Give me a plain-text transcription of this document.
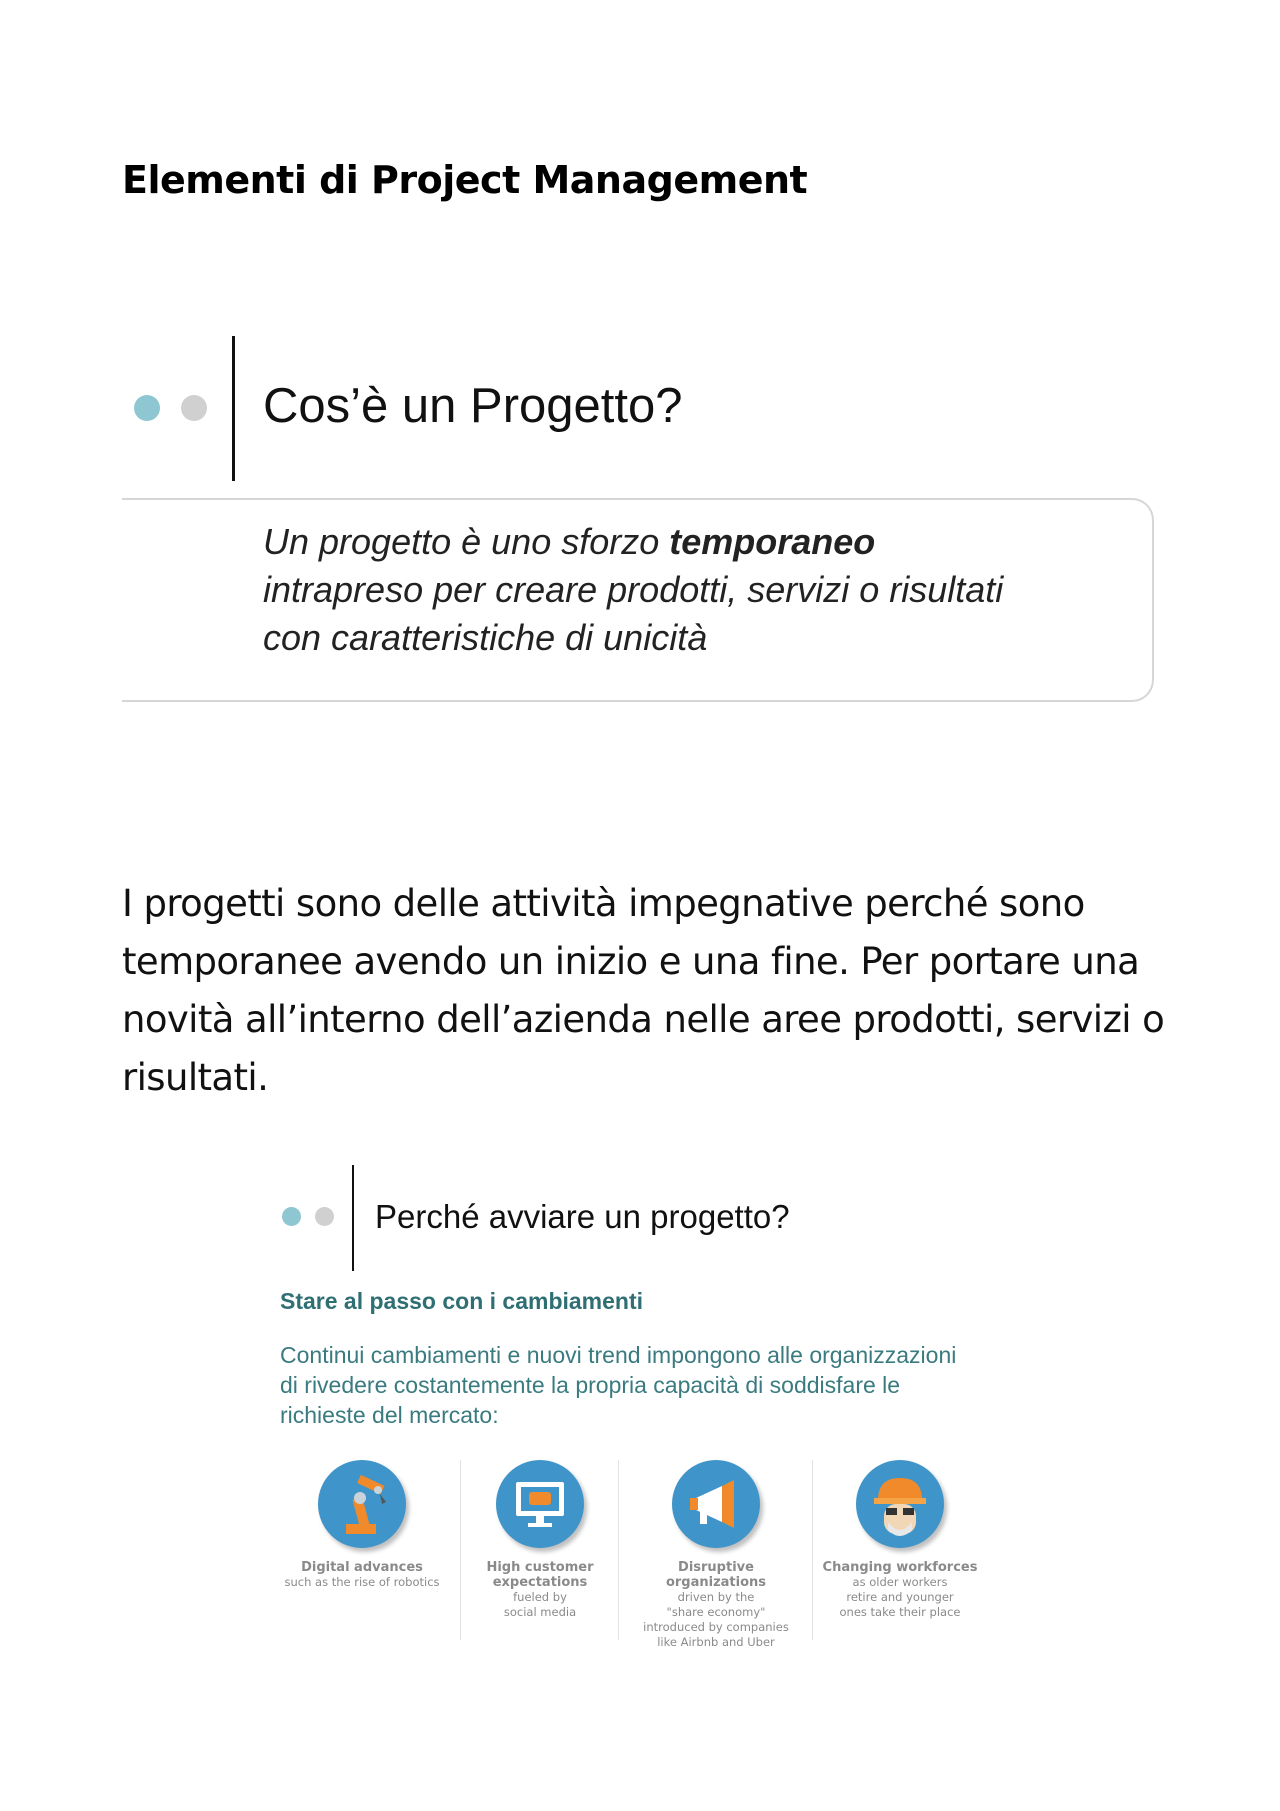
Elementi di Project Management
Cos’è un Progetto?

Un progetto è uno sforzo temporaneo
intrapreso per creare prodotti, servizi o risultati
con caratteristiche di unicità

I progetti sono delle attività impegnative perché sono temporanee avendo un inizio e una fine. Per portare una novità all’interno dell’azienda nelle aree prodotti, servizi o risultati.

Perché avviare un progetto?
Stare al passo con i cambiamenti

Continui cambiamenti e nuovi trend impongono alle organizzazioni
di rivedere costantemente la propria capacità di soddisfare le
richieste del mercato:

Digital advances
such as the rise of robotics
High customer
expectations
fueled by
social media
Disruptive organizations
driven by the
"share economy"
introduced by companies
like Airbnb and Uber
Changing workforces
as older workers
retire and younger
ones take their place
